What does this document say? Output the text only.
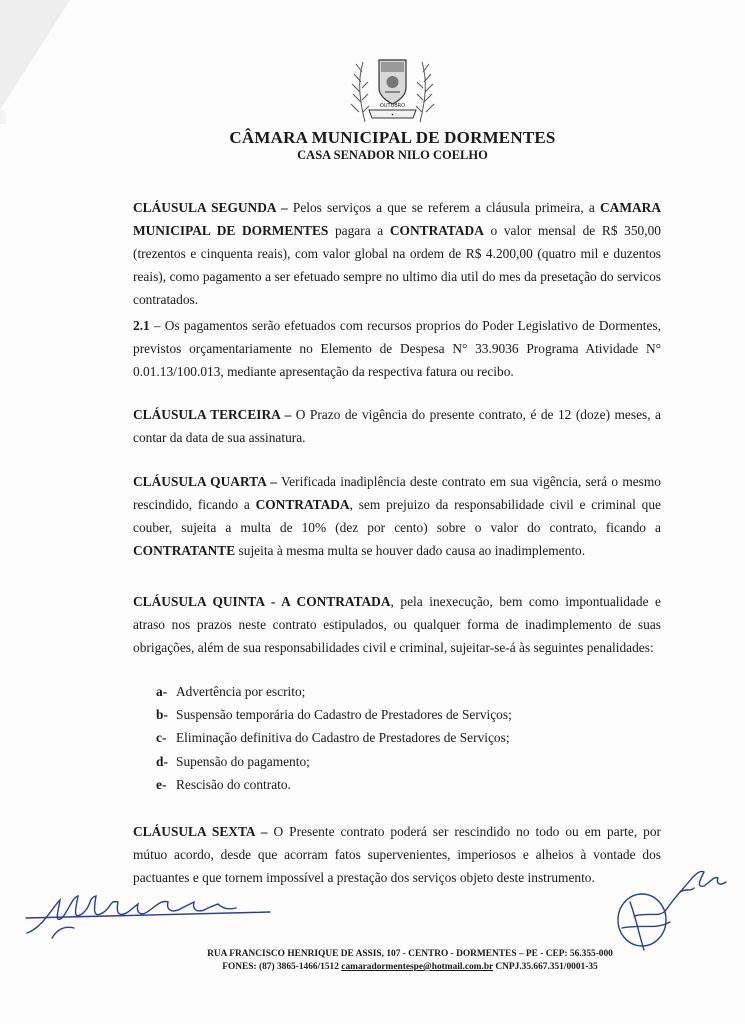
OUTUBRO
✦
CÂMARA MUNICIPAL DE DORMENTES
CASA SENADOR NILO COELHO

CLÁUSULA SEGUNDA – Pelos serviços a que se referem a cláusula primeira, a CAMARA MUNICIPAL DE DORMENTES pagara a CONTRATADA o valor mensal de R$ 350,00 (trezentos e cinquenta reais), com valor global na ordem de R$ 4.200,00 (quatro mil e duzentos reais), como pagamento a ser efetuado sempre no ultimo dia util do mes da presetação do servicos contratados.

2.1 – Os pagamentos serão efetuados com recursos proprios do Poder Legislativo de Dormentes, previstos orçamentariamente no Elemento de Despesa N° 33.9036 Programa Atividade N° 0.01.13/100.013, mediante apresentação da respectiva fatura ou recibo.

CLÁUSULA TERCEIRA – O Prazo de vigência do presente contrato, é de 12 (doze) meses, a contar da data de sua assinatura.

CLÁUSULA QUARTA – Verificada inadiplência deste contrato em sua vigência, será o mesmo rescindido, ficando a CONTRATADA, sem prejuizo da responsabilidade civil e criminal que couber, sujeita a multa de 10% (dez por cento) sobre o valor do contrato, ficando a CONTRATANTE sujeita à mesma multa se houver dado causa ao inadimplemento.

CLÁUSULA QUINTA - A CONTRATADA, pela inexecução, bem como impontualidade e atraso nos prazos neste contrato estipulados, ou qualquer forma de inadimplemento de suas obrigações, além de sua responsabilidades civil e criminal, sujeitar-se-á às seguintes penalidades:

a- Advertência por escrito;
b- Suspensão temporária do Cadastro de Prestadores de Serviços;
c- Eliminação definitiva do Cadastro de Prestadores de Serviços;
d- Supensão do pagamento;
e- Rescisão do contrato.

CLÁUSULA SEXTA – O Presente contrato poderá ser rescindido no todo ou em parte, por mútuo acordo, desde que acorram fatos supervenientes, imperiosos e alheios à vontade dos pactuantes e que tornem impossível a prestação dos serviços objeto deste instrumento.

RUA FRANCISCO HENRIQUE DE ASSIS, 107 - CENTRO - DORMENTES – PE - CEP: 56.355-000
FONES: (87) 3865-1466/1512 camaradormentespe@hotmail.com.br CNPJ.35.667.351/0001-35
